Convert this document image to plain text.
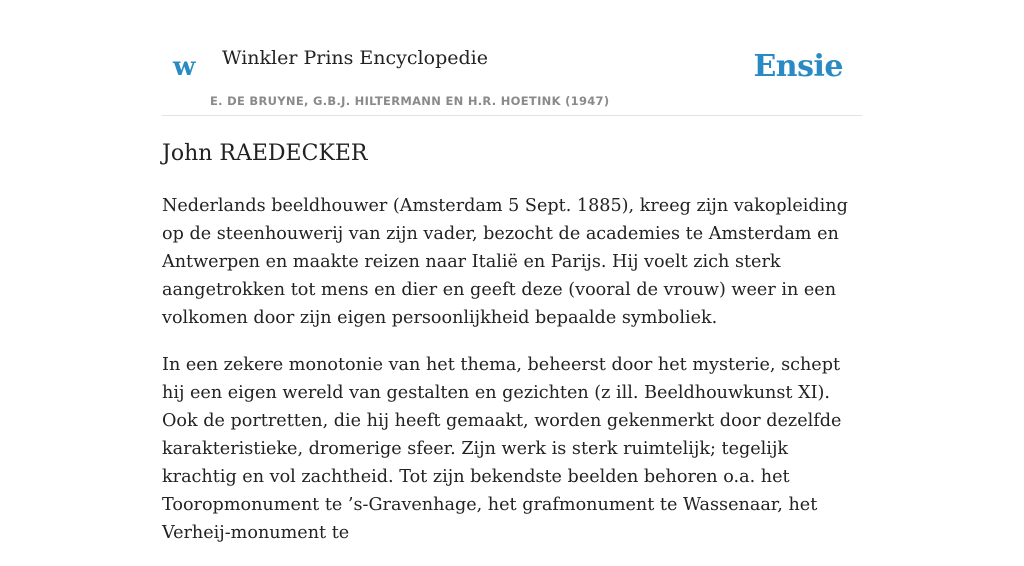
w Winkler Prins Encyclopedie
E. DE BRUYNE, G.B.J. HILTERMANN EN H.R. HOETINK (1947)
Ensie
John RAEDECKER

Nederlands beeldhouwer (Amsterdam 5 Sept. 1885), kreeg zijn vakopleiding op de steenhouwerij van zijn vader, bezocht de academies te Amsterdam en Antwerpen en maakte reizen naar Italië en Parijs. Hij voelt zich sterk aangetrokken tot mens en dier en geeft deze (vooral de vrouw) weer in een volkomen door zijn eigen persoonlijkheid bepaalde symboliek.

In een zekere monotonie van het thema, beheerst door het mysterie, schept hij een eigen wereld van gestalten en gezichten (z ill. Beeldhouwkunst XI). Ook de portretten, die hij heeft gemaakt, worden gekenmerkt door dezelfde karakteristieke, dromerige sfeer. Zijn werk is sterk ruimtelijk; tegelijk krachtig en vol zachtheid. Tot zijn bekendste beelden behoren o.a. het Tooropmonument te ’s-Gravenhage, het grafmonument te Wassenaar, het Verheij-monument te
